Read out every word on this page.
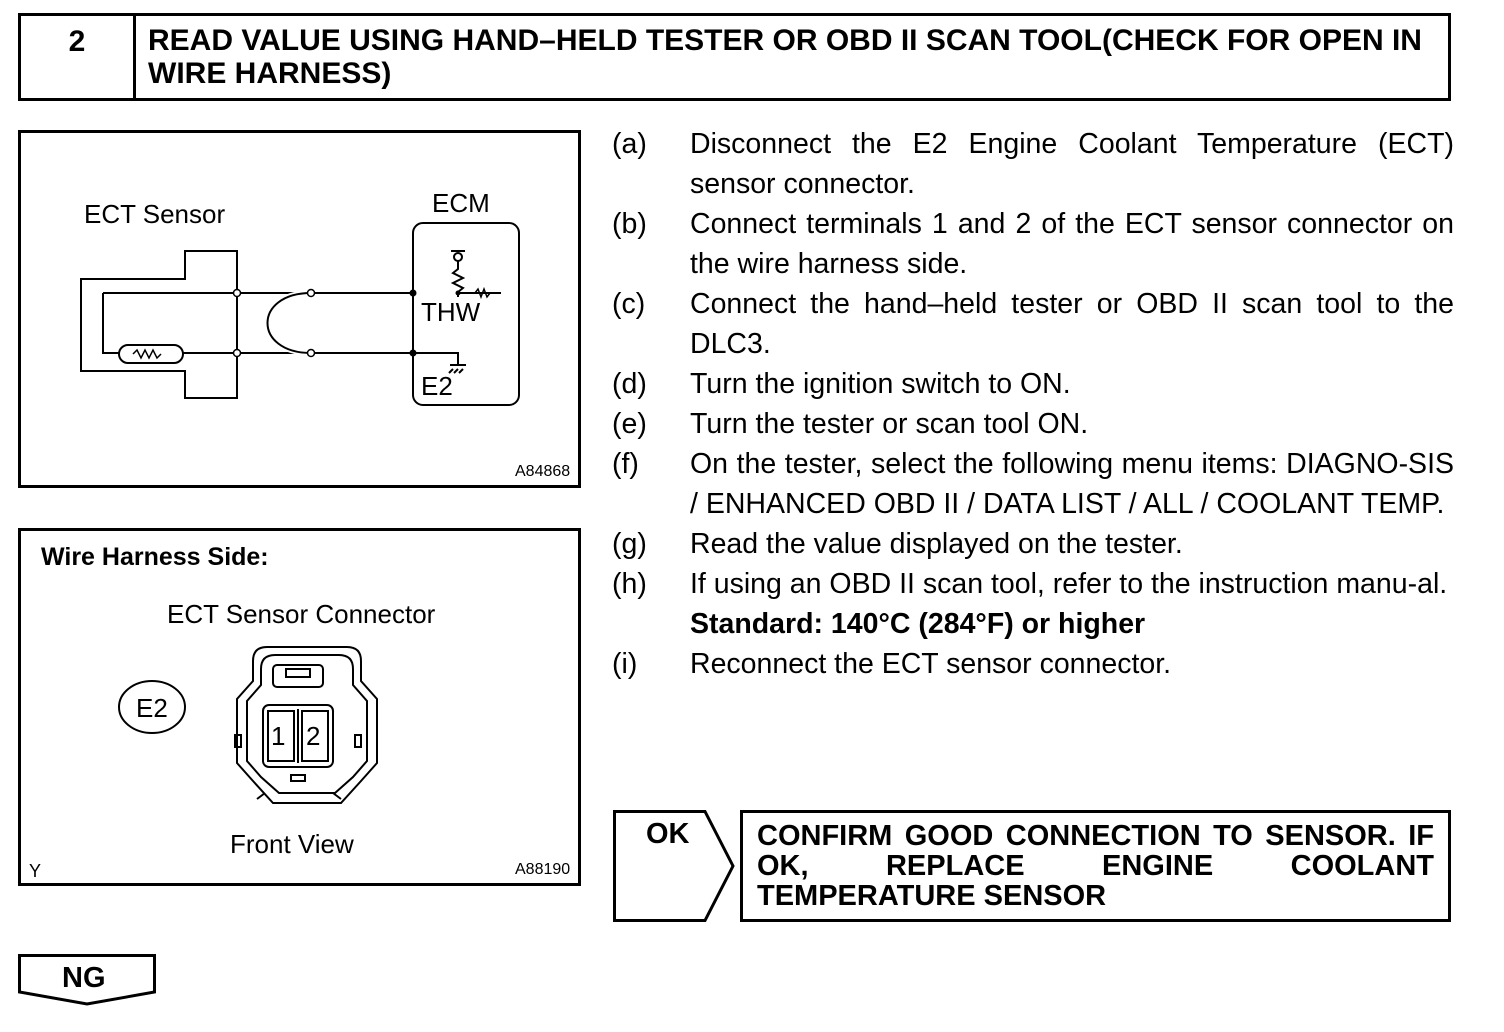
2	READ VALUE USING HAND–HELD TESTER OR OBD II SCAN TOOL(CHECK FOR OPEN IN WIRE HARNESS)
ECT Sensor	ECM
THW
E2
A84868
Wire Harness Side:
ECT Sensor Connector
E2
1 2
Front View
Y	A88190
(a)	Disconnect the E2 Engine Coolant Temperature (ECT) sensor connector.
(b)	Connect terminals 1 and 2 of the ECT sensor connector on the wire harness side.
(c)	Connect the hand–held tester or OBD II scan tool to the DLC3.
(d)	Turn the ignition switch to ON.
(e)	Turn the tester or scan tool ON.
(f)	On the tester, select the following menu items: DIAGNO-SIS / ENHANCED OBD II / DATA LIST / ALL / COOLANT TEMP.
(g)	Read the value displayed on the tester.
(h)	If using an OBD II scan tool, refer to the instruction manu-al.
Standard: 140°C (284°F) or higher
(i)	Reconnect the ECT sensor connector.
OK CONFIRM GOOD CONNECTION TO SENSOR. IF OK, REPLACE ENGINE COOLANT TEMPERATURE SENSOR
NG
